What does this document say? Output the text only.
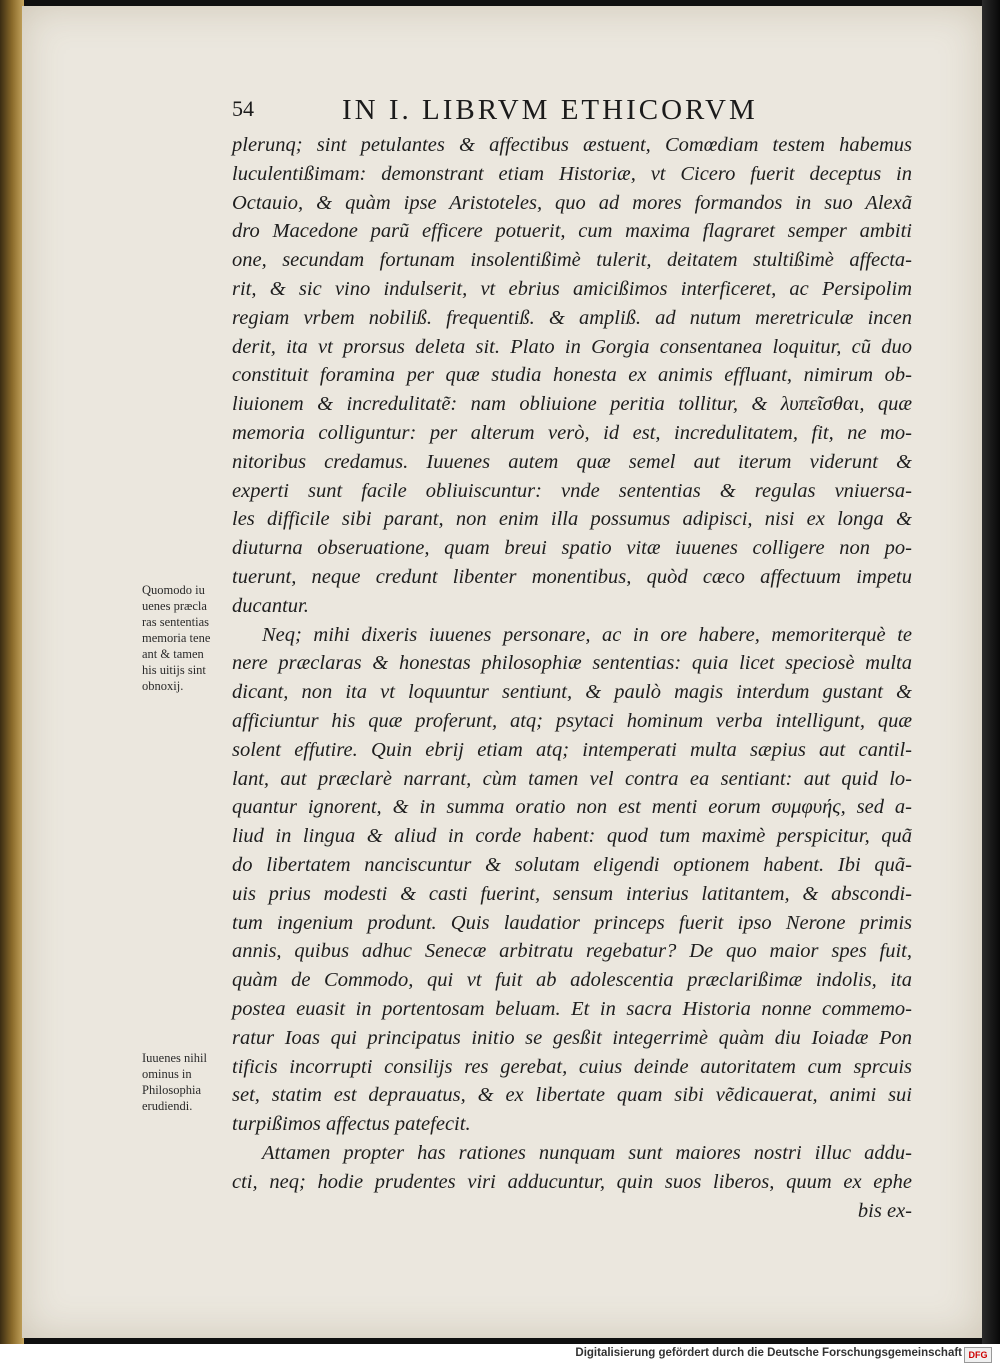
54	IN I. LIBRVM ETHICORVM
plerunq; sint petulantes & affectibus æstuent, Comœdiam testem habemus
luculentißimam: demonstrant etiam Historiæ, vt Cicero fuerit deceptus in
Octauio, & quàm ipse Aristoteles, quo ad mores formandos in suo Alexã
dro Macedone parũ efficere potuerit, cum maxima flagraret semper ambiti
one, secundam fortunam insolentißimè tulerit, deitatem stultißimè affecta-
rit, & sic vino indulserit, vt ebrius amicißimos interficeret, ac Persipolim
regiam vrbem nobiliß. frequentiß. & ampliß. ad nutum meretriculæ incen
derit, ita vt prorsus deleta sit. Plato in Gorgia consentanea loquitur, cũ duo
constituit foramina per quæ studia honesta ex animis effluant, nimirum ob-
liuionem & incredulitatẽ: nam obliuione peritia tollitur, & λυπεῖσθαι, quæ
memoria colliguntur: per alterum verò, id est, incredulitatem, fit, ne mo-
nitoribus credamus. Iuuenes autem quæ semel aut iterum viderunt &
experti sunt facile obliuiscuntur: vnde sententias & regulas vniuersa-
les difficile sibi parant, non enim illa possumus adipisci, nisi ex longa &
diuturna obseruatione, quam breui spatio vitæ iuuenes colligere non po-
tuerunt, neque credunt libenter monentibus, quòd cæco affectuum impetu
ducantur.
Neq; mihi dixeris iuuenes personare, ac in ore habere, memoriterquè te
nere præclaras & honestas philosophiæ sententias: quia licet speciosè multa
dicant, non ita vt loquuntur sentiunt, & paulò magis interdum gustant &
afficiuntur his quæ proferunt, atq; psytaci hominum verba intelligunt, quæ
solent effutire. Quin ebrij etiam atq; intemperati multa sæpius aut cantil-
lant, aut præclarè narrant, cùm tamen vel contra ea sentiant: aut quid lo-
quantur ignorent, & in summa oratio non est menti eorum συμφυής, sed a-
liud in lingua & aliud in corde habent: quod tum maximè perspicitur, quã
do libertatem nanciscuntur & solutam eligendi optionem habent. Ibi quã-
uis prius modesti & casti fuerint, sensum interius latitantem, & abscondi-
tum ingenium produnt. Quis laudatior princeps fuerit ipso Nerone primis
annis, quibus adhuc Senecæ arbitratu regebatur? De quo maior spes fuit,
quàm de Commodo, qui vt fuit ab adolescentia præclarißimæ indolis, ita
postea euasit in portentosam beluam. Et in sacra Historia nonne commemo-
ratur Ioas qui principatus initio se gesßit integerrimè quàm diu Ioiadæ Pon
tificis incorrupti consilijs res gerebat, cuius deinde autoritatem cum sprcuis
set, statim est deprauatus, & ex libertate quam sibi vẽdicauerat, animi sui
turpißimos affectus patefecit.
Attamen propter has rationes nunquam sunt maiores nostri illuc addu-
cti, neq; hodie prudentes viri adducuntur, quin suos liberos, quum ex ephe
bis ex-
Quomodo iu
uenes præcla
ras sententias
memoria tene
ant & tamen
his uitijs sint
obnoxij.
Iuuenes nihil
ominus in
Philosophia
erudiendi.
Digitalisierung gefördert durch die Deutsche Forschungsgemeinschaft DFG
